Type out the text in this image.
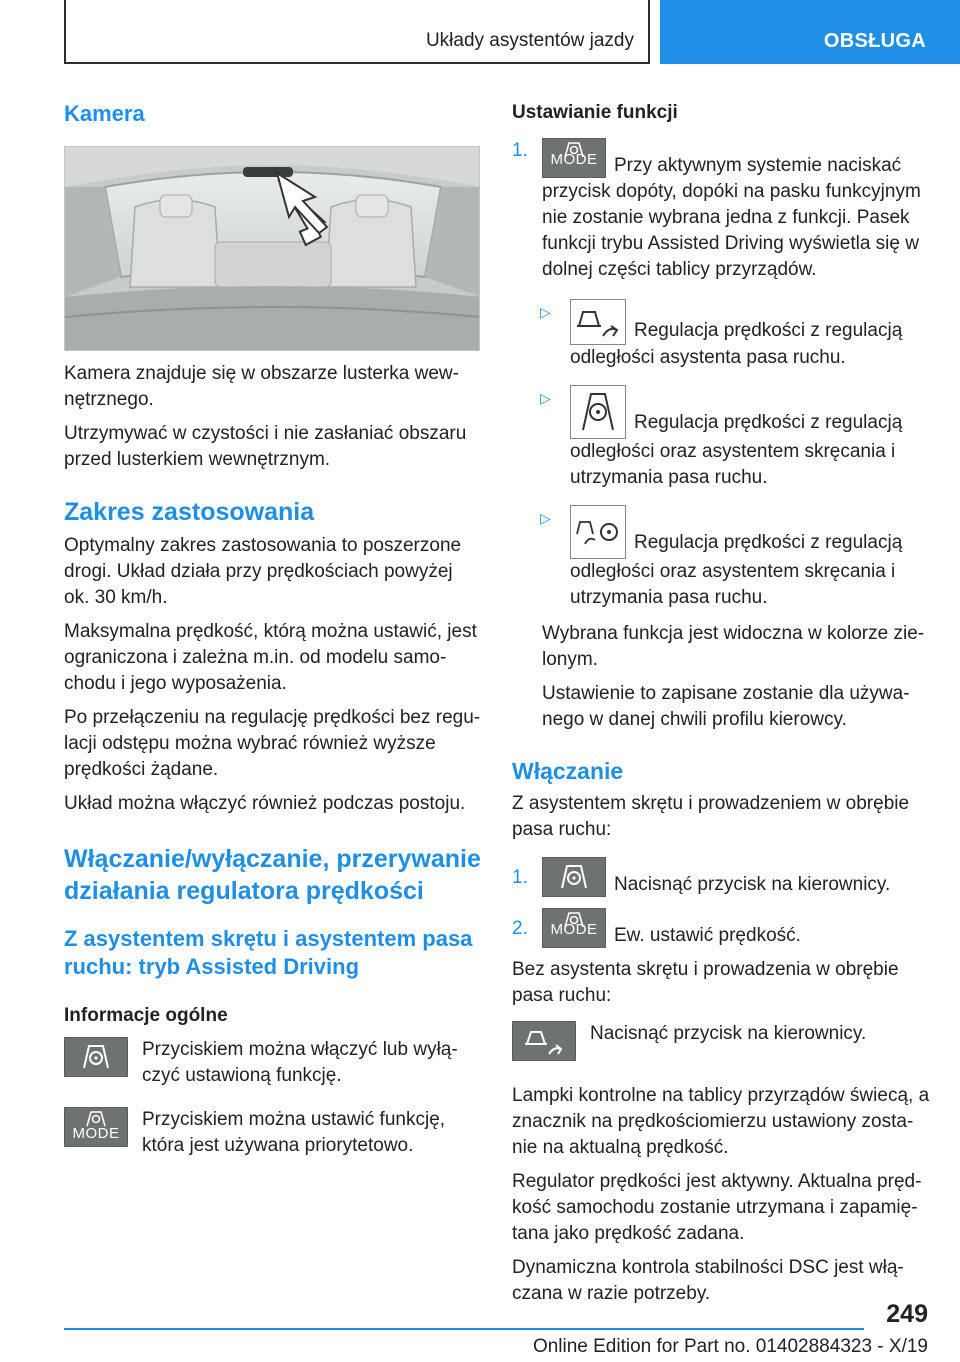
Układy asystentów jazdy	OBSŁUGA
Kamera

Kamera znajduje się w obszarze lusterka wew-nętrznego.

Utrzymywać w czystości i nie zasłaniać obszaru przed lusterkiem wewnętrznym.

Zakres zastosowania

Optymalny zakres zastosowania to poszerzone drogi. Układ działa przy prędkościach powyżej ok. 30 km/h.

Maksymalna prędkość, którą można ustawić, jest ograniczona i zależna m.in. od modelu samo-chodu i jego wyposażenia.

Po przełączeniu na regulację prędkości bez regu-lacji odstępu można wybrać również wyższe prędkości żądane.

Układ można włączyć również podczas postoju.

Włączanie/wyłączanie, przerywanie działania regulatora prędkości
Z asystentem skrętu i asystentem pasa ruchu: tryb Assisted Driving
Informacje ogólne

Przyciskiem można włączyć lub wyłą-czyć ustawioną funkcję.

MODE

Przyciskiem można ustawić funkcję, która jest używana priorytetowo.

Ustawianie funkcji
1.	MODE Przy aktywnym systemie naciskać przycisk dopóty, dopóki na pasku funkcyjnym nie zostanie wybrana jedna z funkcji. Pasek funkcji trybu Assisted Driving wyświetla się w dolnej części tablicy przyrządów.

▷

Regulacja prędkości z regulacją odległości asystenta pasa ruchu.

▷

Regulacja prędkości z regulacją odległości oraz asystentem skręcania i utrzymania pasa ruchu.

▷

Regulacja prędkości z regulacją odległości oraz asystentem skręcania i utrzymania pasa ruchu.

Wybrana funkcja jest widoczna w kolorze zie-lonym.

Ustawienie to zapisane zostanie dla używa-nego w danej chwili profilu kierowcy.

Włączanie

Z asystentem skrętu i prowadzeniem w obrębie pasa ruchu:

1.	Nacisnąć przycisk na kierownicy.

2.	MODE Ew. ustawić prędkość.

Bez asystenta skrętu i prowadzenia w obrębie pasa ruchu:

Nacisnąć przycisk na kierownicy.

Lampki kontrolne na tablicy przyrządów świecą, a znacznik na prędkościomierzu ustawiony zosta-nie na aktualną prędkość.

Regulator prędkości jest aktywny. Aktualna pręd-kość samochodu zostanie utrzymana i zapamię-tana jako prędkość zadana.

Dynamiczna kontrola stabilności DSC jest włą-czana w razie potrzeby.

249
Online Edition for Part no. 01402884323 - X/19
